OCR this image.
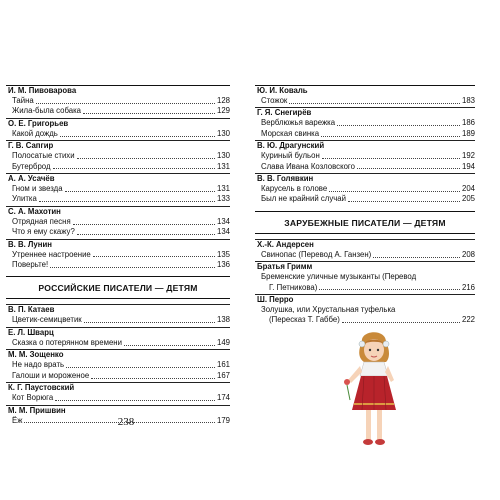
И. М. Пивоварова
Тайна	128
Жила-была собака	129
О. Е. Григорьев
Какой дождь	130
Г. В. Сапгир
Полосатые стихи	130
Бутерброд	131
А. А. Усачёв
Гном и звезда	131
Улитка	133
С. А. Махотин
Отрядная песня	134
Что я ему скажу?	134
В. В. Лунин
Утреннее настроение	135
Поверьте!	136
РОССИЙСКИЕ ПИСАТЕЛИ — ДЕТЯМ
В. П. Катаев
Цветик-семицветик	138
Е. Л. Шварц
Сказка о потерянном времени	149
М. М. Зощенко
Не надо врать	161
Галоши и мороженое	167
К. Г. Паустовский
Кот Ворюга	174
М. М. Пришвин
Ёж	179
Ю. И. Коваль
Стожок	183
Г. Я. Снегирёв
Верблюжья варежка	186
Морская свинка	189
В. Ю. Драгунский
Куриный бульон	192
Слава Ивана Козловского	194
В. В. Голявкин
Карусель в голове	204
Был не крайний случай	205
ЗАРУБЕЖНЫЕ ПИСАТЕЛИ — ДЕТЯМ
Х.-К. Андерсен
Свинопас (Перевод А. Ганзен)	208
Братья Гримм
Бременские уличные музыканты (Перевод
Г. Петникова)	216
Ш. Перро
Золушка, или Хрустальная туфелька
(Пересказ Т. Габбе)	222
238
